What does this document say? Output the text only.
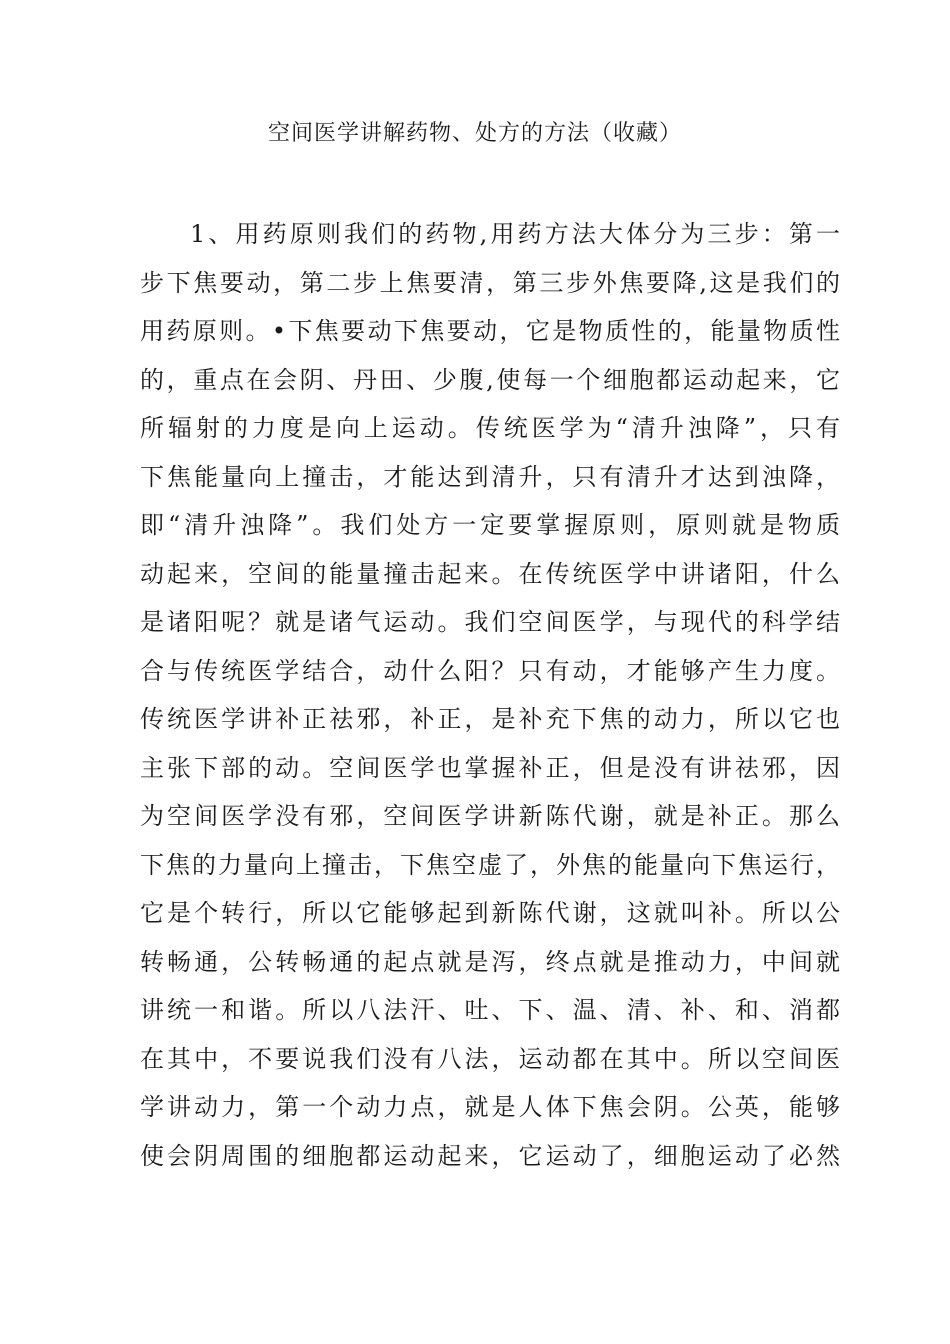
空间医学讲解药物、处方的方法（收藏）
1、用药原则我们的药物,用药方法大体分为三步：第一
步下焦要动，第二步上焦要清，第三步外焦要降,这是我们的
用药原则。•下焦要动下焦要动，它是物质性的，能量物质性
的，重点在会阴、丹田、少腹,使每一个细胞都运动起来，它
所辐射的力度是向上运动。传统医学为“清升浊降”，只有
下焦能量向上撞击，才能达到清升，只有清升才达到浊降，
即“清升浊降”。我们处方一定要掌握原则，原则就是物质
动起来，空间的能量撞击起来。在传统医学中讲诸阳，什么
是诸阳呢？就是诸气运动。我们空间医学，与现代的科学结
合与传统医学结合，动什么阳？只有动，才能够产生力度。
传统医学讲补正祛邪，补正，是补充下焦的动力，所以它也
主张下部的动。空间医学也掌握补正，但是没有讲祛邪，因
为空间医学没有邪，空间医学讲新陈代谢，就是补正。那么
下焦的力量向上撞击，下焦空虚了，外焦的能量向下焦运行，
它是个转行，所以它能够起到新陈代谢，这就叫补。所以公
转畅通，公转畅通的起点就是泻，终点就是推动力，中间就
讲统一和谐。所以八法汗、吐、下、温、清、补、和、消都
在其中，不要说我们没有八法，运动都在其中。所以空间医
学讲动力，第一个动力点，就是人体下焦会阴。公英，能够
使会阴周围的细胞都运动起来，它运动了，细胞运动了必然
